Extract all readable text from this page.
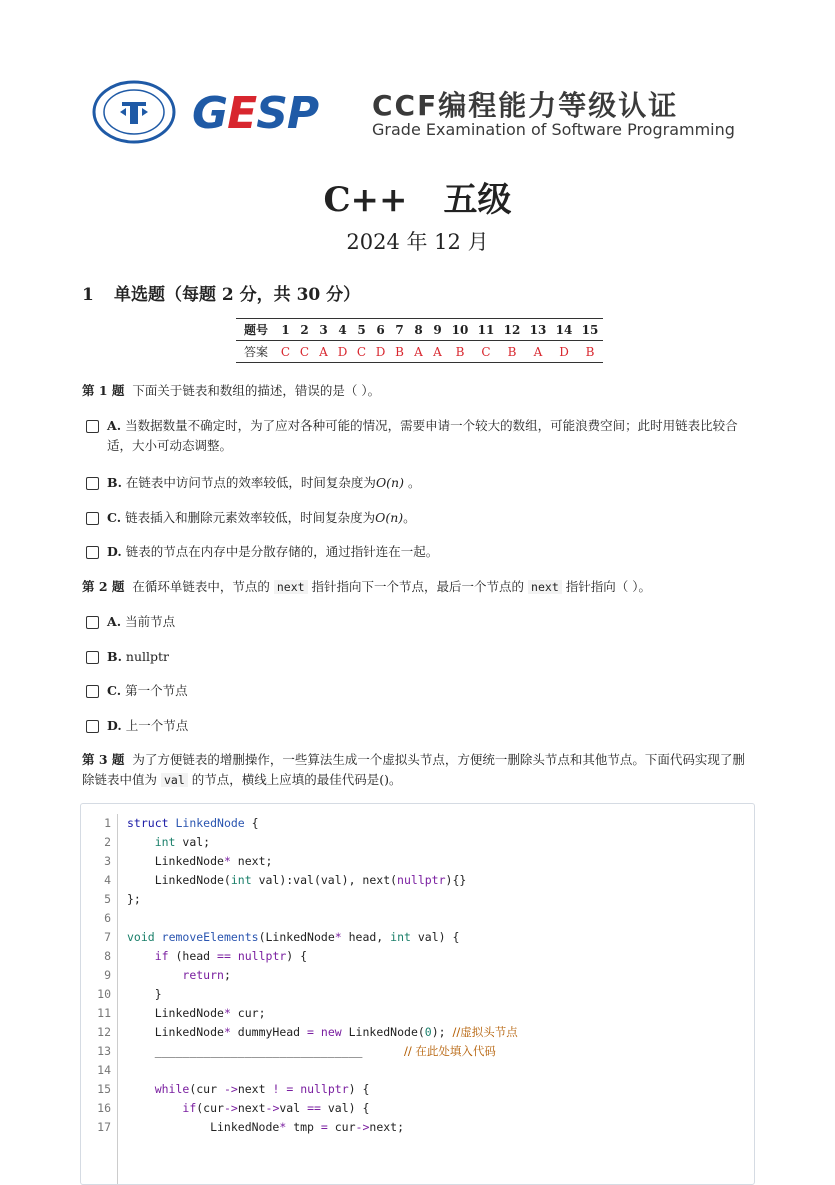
GESP CCF编程能力等级认证
Grade Examination of Software Programming
C++ 五级
2024 年 12 月
1 单选题（每题 2 分，共 30 分）
题号	1	2	3	4	5	6	7	8	9	10	11	12	13	14	15
答案	C	C	A	D	C	D	B	A	A	B	C	B	A	D	B
第 1 题 下面关于链表和数组的描述，错误的是（ ）。
A. 当数据数量不确定时，为了应对各种可能的情况，需要申请一个较大的数组，可能浪费空间；此时用链表比较合适，大小可动态调整。
B. 在链表中访问节点的效率较低，时间复杂度为O(n) 。
C. 链表插入和删除元素效率较低，时间复杂度为O(n)。
D. 链表的节点在内存中是分散存储的，通过指针连在一起。
第 2 题 在循环单链表中，节点的 next 指针指向下一个节点，最后一个节点的 next 指针指向（ ）。
A. 当前节点
B. nullptr
C. 第一个节点
D. 上一个节点
第 3 题 为了方便链表的增删操作，一些算法生成一个虚拟头节点，方便统一删除头节点和其他节点。下面代码实现了删除链表中值为 val 的节点，横线上应填的最佳代码是()。
1
2
3
4
5
6
7
8
9
10
11
12
13
14
15
16
17
struct LinkedNode {
int val;
LinkedNode* next;
LinkedNode(int val):val(val), next(nullptr){}
};

void removeElements(LinkedNode* head, int val) {
if (head == nullptr) {
return;
}
LinkedNode* cur;
LinkedNode* dummyHead = new LinkedNode(0); //虚拟头节点
______________________________	// 在此处填入代码

while(cur ->next ! = nullptr) {
if(cur->next->val == val) {
LinkedNode* tmp = cur->next;
